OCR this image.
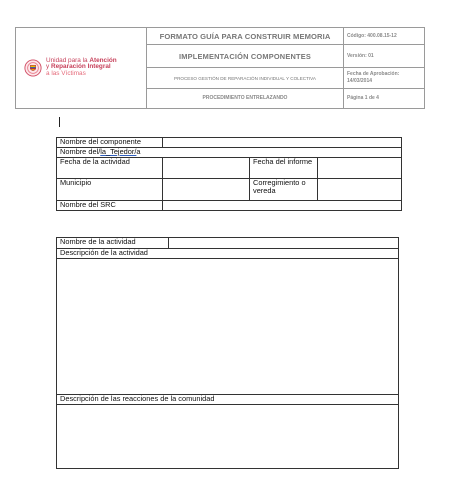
Unidad para la Atención
y Reparación Integral
a las Víctimas	FORMATO GUÍA PARA CONSTRUIR MEMORIA	Código: 400.08.15-12
	IMPLEMENTACIÓN COMPONENTES	Versión: 01
	PROCESO GESTIÓN DE REPARACIÓN INDIVIDUAL Y COLECTIVA	Fecha de Aprobación:
14/03/2014

	PROCEDIMIENTO ENTRELAZANDO	Página 1 de 4
Nombre del componente			
Nombre del/la_Tejedor/a			
Fecha de la actividad		Fecha del informe	
Municipio		Corregimiento o vereda	
Nombre del SRC			
Nombre de la actividad	
Descripción de la actividad

Descripción de las reacciones de la comunidad
